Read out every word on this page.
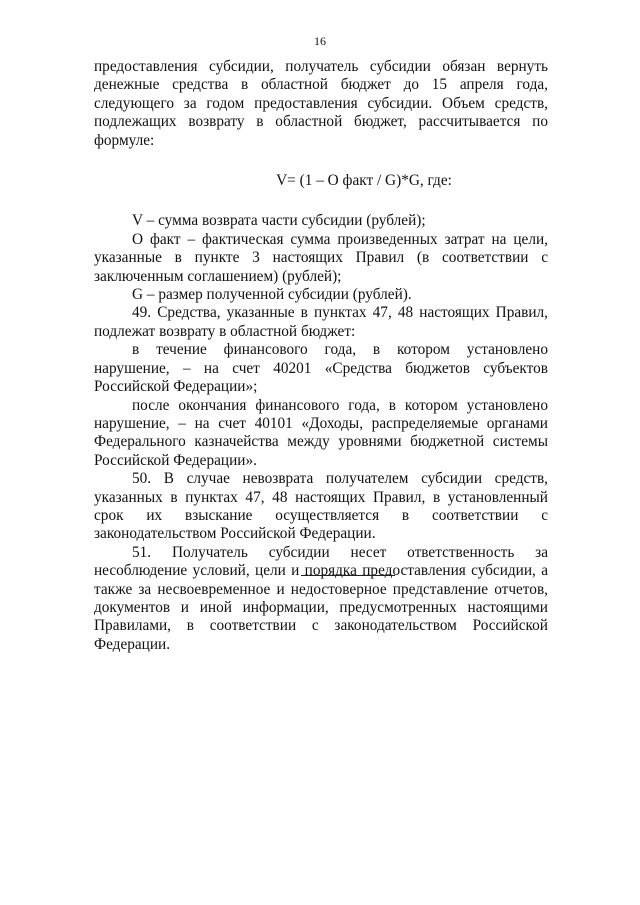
16

предоставления субсидии, получатель субсидии обязан вернуть денежные средства в областной бюджет до 15 апреля года, следующего за годом предоставления субсидии. Объем средств, подлежащих возврату в областной бюджет, рассчитывается по формуле:

V= (1 – О факт / G)*G, где:

V – сумма возврата части субсидии (рублей);

О факт – фактическая сумма произведенных затрат на цели, указанные в пункте 3 настоящих Правил (в соответствии с заключенным соглашением) (рублей);

G – размер полученной субсидии (рублей).

49. Средства, указанные в пунктах 47, 48 настоящих Правил, подлежат возврату в областной бюджет:

в течение финансового года, в котором установлено нарушение, – на счет 40201 «Средства бюджетов субъектов Российской Федерации»;

после окончания финансового года, в котором установлено нарушение, – на счет 40101 «Доходы, распределяемые органами Федерального казначейства между уровнями бюджетной системы Российской Федерации».

50. В случае невозврата получателем субсидии средств, указанных в пунктах 47, 48 настоящих Правил, в установленный срок их взыскание осуществляется в соответствии с законодательством Российской Федерации.

51. Получатель субсидии несет ответственность за несоблюдение условий, цели и порядка предоставления субсидии, а также за несвоевременное и недостоверное представление отчетов, документов и иной информации, предусмотренных настоящими Правилами, в соответствии с законодательством Российской Федерации.
